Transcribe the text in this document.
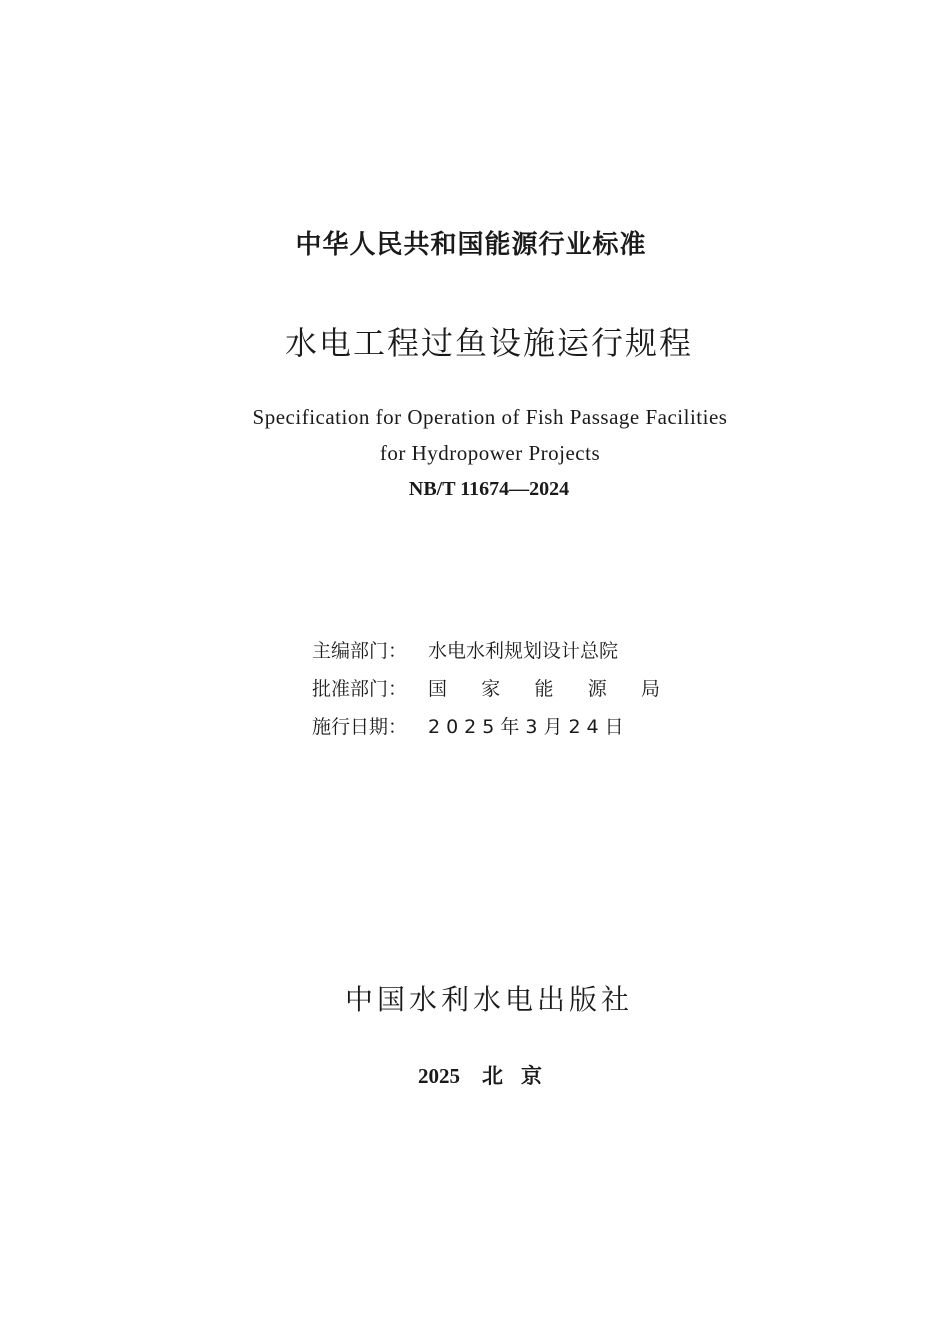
中华人民共和国能源行业标准
水电工程过鱼设施运行规程
Specification for Operation of Fish Passage Facilities
for Hydropower Projects
NB/T 11674—2024
主编部门：	水电水利规划设计总院
批准部门：	国 家 能 源 局
施行日期：	2025年3月24日
中国水利水电出版社
2025 北京
